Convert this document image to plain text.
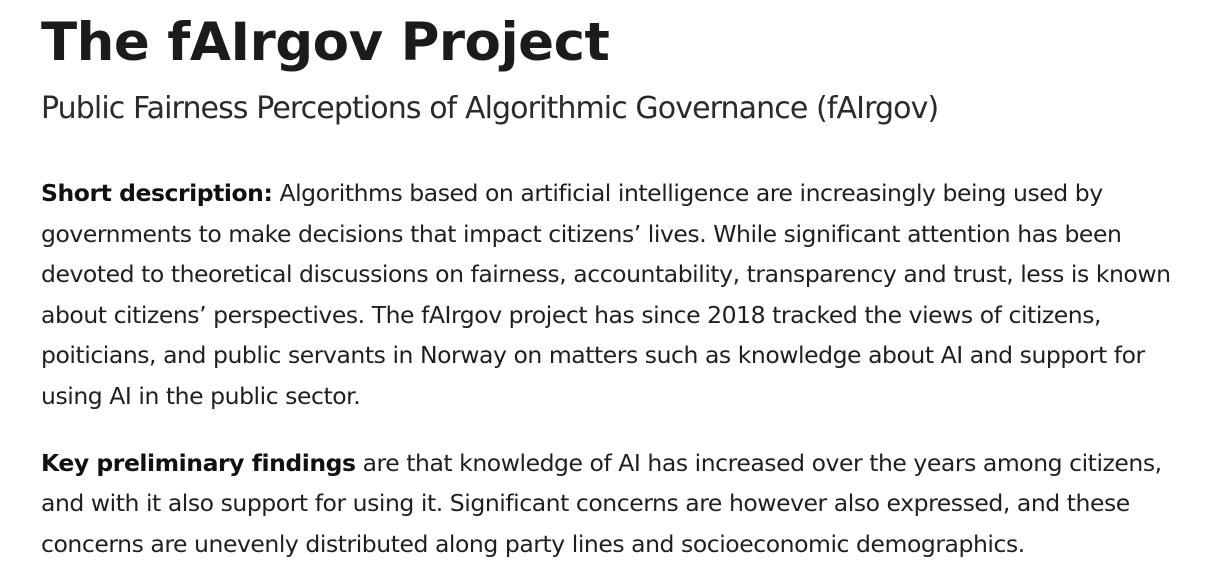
The fAIrgov Project
Public Fairness Perceptions of Algorithmic Governance (fAIrgov)

Short description: Algorithms based on artificial intelligence are increasingly being used by
governments to make decisions that impact citizens’ lives. While significant attention has been
devoted to theoretical discussions on fairness, accountability, transparency and trust, less is known
about citizens’ perspectives. The fAIrgov project has since 2018 tracked the views of citizens,
poiticians, and public servants in Norway on matters such as knowledge about AI and support for
using AI in the public sector.

Key preliminary findings are that knowledge of AI has increased over the years among citizens,
and with it also support for using it. Significant concerns are however also expressed, and these
concerns are unevenly distributed along party lines and socioeconomic demographics.
